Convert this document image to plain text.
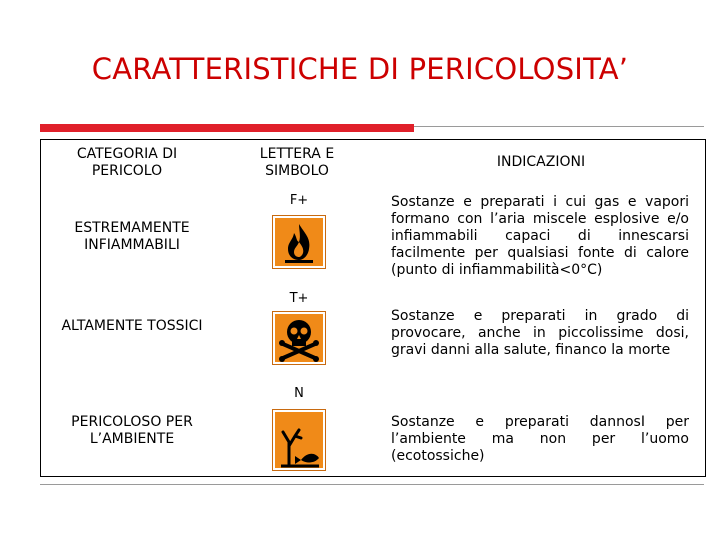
CARATTERISTICHE DI PERICOLOSITA’
CATEGORIA DI PERICOLO
LETTERA E SIMBOLO
INDICAZIONI
ESTREMAMENTE INFIAMMABILI
F+	Sostanze e preparati i cui gas e vapori formano con l’aria miscele esplosive e/o infiammabili capaci di innescarsi facilmente per qualsiasi fonte di calore (punto di infiammabilità<0°C)
ALTAMENTE TOSSICI
T+
Sostanze e preparati in grado di provocare, anche in piccolissime dosi, gravi danni alla salute, financo la morte
PERICOLOSO PER L’AMBIENTE
N
Sostanze e preparati dannosI per l’ambiente ma non per l’uomo (ecotossiche)
